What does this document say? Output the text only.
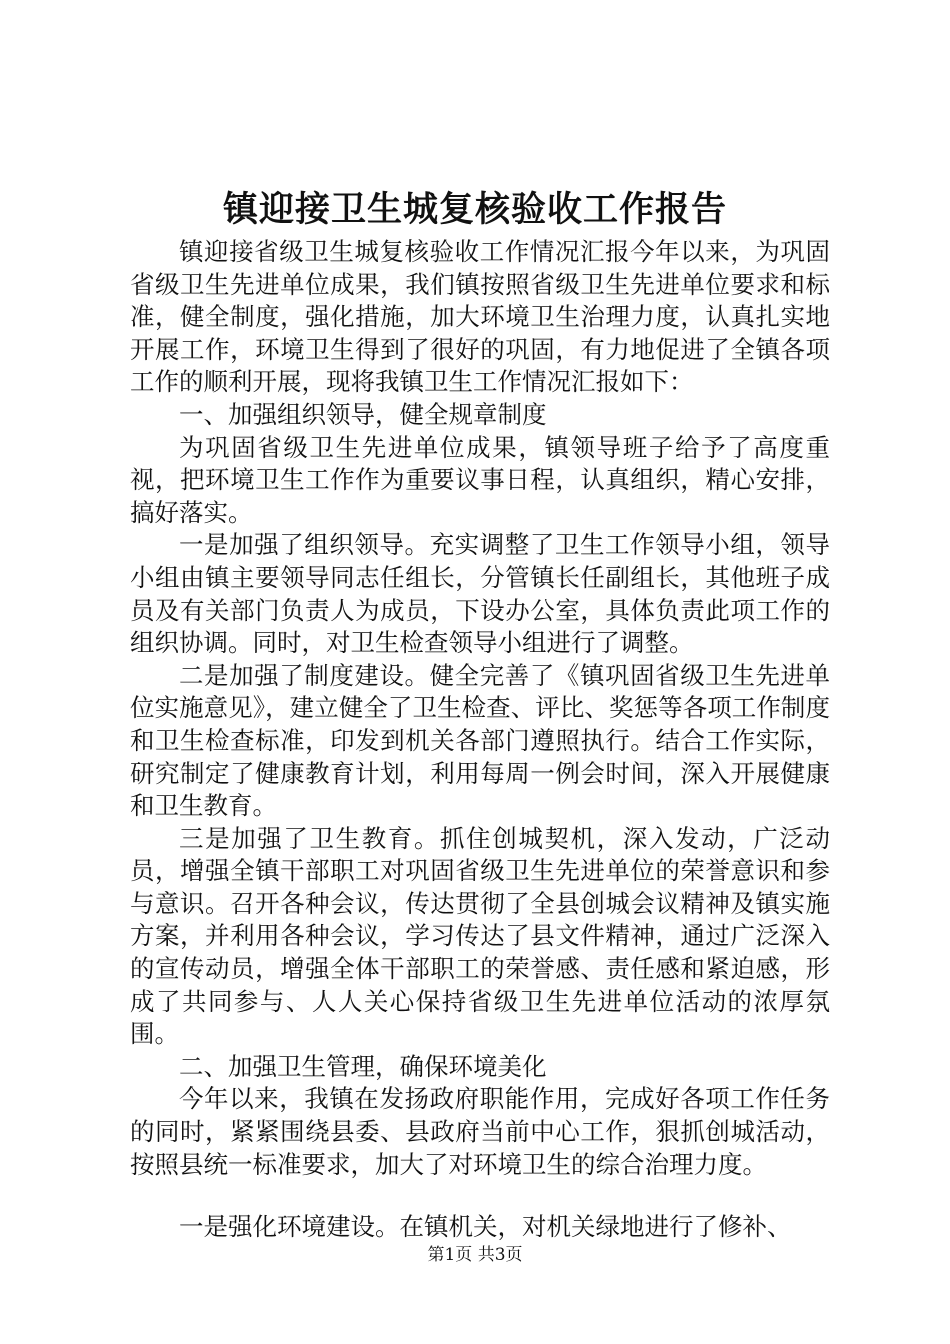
镇迎接卫生城复核验收工作报告

镇迎接省级卫生城复核验收工作情况汇报今年以来，为巩固省级卫生先进单位成果，我们镇按照省级卫生先进单位要求和标准，健全制度，强化措施，加大环境卫生治理力度，认真扎实地开展工作，环境卫生得到了很好的巩固，有力地促进了全镇各项工作的顺利开展，现将我镇卫生工作情况汇报如下：

一、加强组织领导，健全规章制度

为巩固省级卫生先进单位成果，镇领导班子给予了高度重视，把环境卫生工作作为重要议事日程，认真组织，精心安排，搞好落实。

一是加强了组织领导。充实调整了卫生工作领导小组，领导小组由镇主要领导同志任组长，分管镇长任副组长，其他班子成员及有关部门负责人为成员，下设办公室，具体负责此项工作的组织协调。同时，对卫生检查领导小组进行了调整。

二是加强了制度建设。健全完善了《镇巩固省级卫生先进单位实施意见》，建立健全了卫生检查、评比、奖惩等各项工作制度和卫生检查标准，印发到机关各部门遵照执行。结合工作实际，研究制定了健康教育计划，利用每周一例会时间，深入开展健康和卫生教育。

三是加强了卫生教育。抓住创城契机，深入发动，广泛动员，增强全镇干部职工对巩固省级卫生先进单位的荣誉意识和参与意识。召开各种会议，传达贯彻了全县创城会议精神及镇实施方案，并利用各种会议，学习传达了县文件精神，通过广泛深入的宣传动员，增强全体干部职工的荣誉感、责任感和紧迫感，形成了共同参与、人人关心保持省级卫生先进单位活动的浓厚氛围。

二、加强卫生管理，确保环境美化

今年以来，我镇在发扬政府职能作用，完成好各项工作任务的同时，紧紧围绕县委、县政府当前中心工作，狠抓创城活动，按照县统一标准要求，加大了对环境卫生的综合治理力度。

一是强化环境建设。在镇机关，对机关绿地进行了修补、

第1页 共3页
